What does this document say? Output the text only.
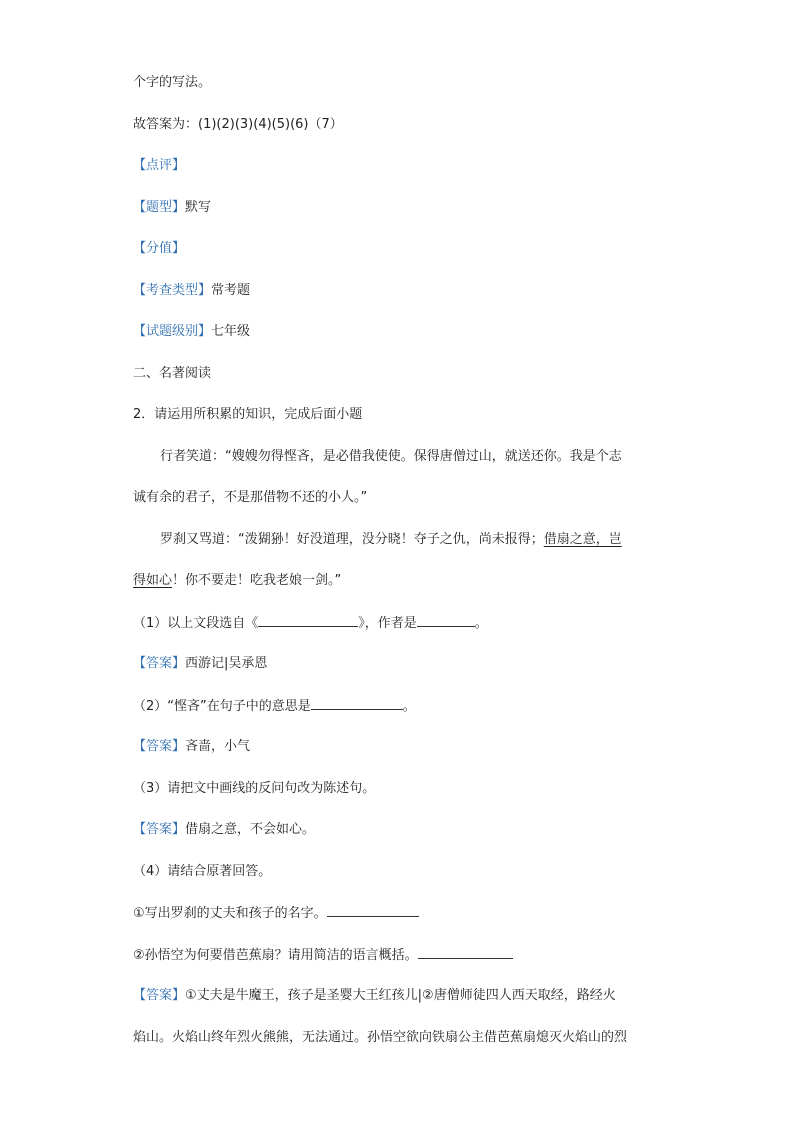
个字的写法。
故答案为：(1)(2)(3)(4)(5)(6)（7）
【点评】
【题型】默写
【分值】
【考查类型】常考题
【试题级别】七年级
二、名著阅读
2．请运用所积累的知识，完成后面小题
行者笑道：“嫂嫂勿得悭吝，是必借我使使。保得唐僧过山，就送还你。我是个志
诚有余的君子，不是那借物不还的小人。”
罗刹又骂道：“泼猢狲！好没道理，没分晓！夺子之仇，尚未报得；借扇之意，岂
得如心！你不要走！吃我老娘一剑。”
（1）以上文段选自《	》，作者是	。
【答案】西游记|吴承恩
（2）“悭吝”在句子中的意思是	。
【答案】吝啬，小气
（3）请把文中画线的反问句改为陈述句。
【答案】借扇之意，不会如心。
（4）请结合原著回答。
①写出罗刹的丈夫和孩子的名字。
②孙悟空为何要借芭蕉扇？请用简洁的语言概括。
【答案】①丈夫是牛魔王，孩子是圣婴大王红孩儿|②唐僧师徒四人西天取经，路经火
焰山。火焰山终年烈火熊熊，无法通过。孙悟空欲向铁扇公主借芭蕉扇熄灭火焰山的烈
